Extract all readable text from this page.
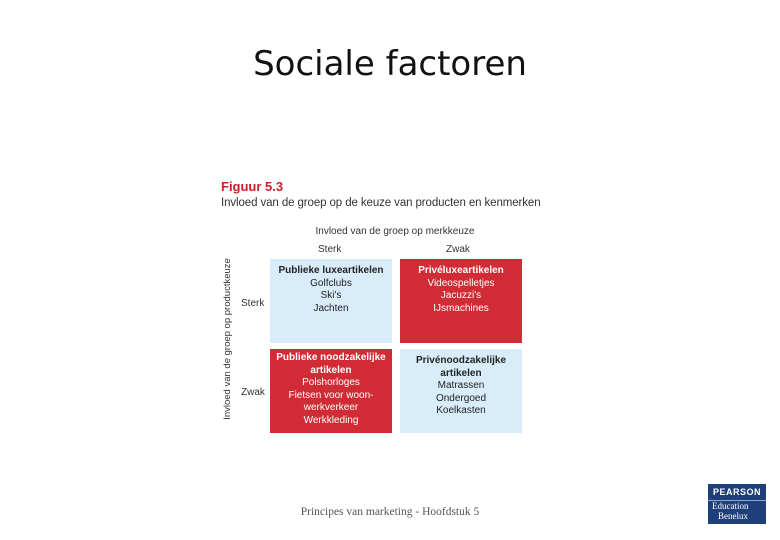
Sociale factoren
Figuur 5.3
Invloed van de groep op de keuze van producten en kenmerken
Invloed van de groep op merkkeuze
Sterk	Zwak
Invloed van de groep op productkeuze Sterk
Zwak
Publieke luxeartikelen
Golfclubs
Ski's
Jachten
Privéluxeartikelen
Videospelletjes
Jacuzzi's
IJsmachines
Publieke noodzakelijke artikelen
Polshorloges
Fietsen voor woon-werkverkeer
Werkkleding
Privénoodzakelijke artikelen
Matrassen
Ondergoed
Koelkasten
Principes van marketing - Hoofdstuk 5
PEARSON
Education
Benelux
